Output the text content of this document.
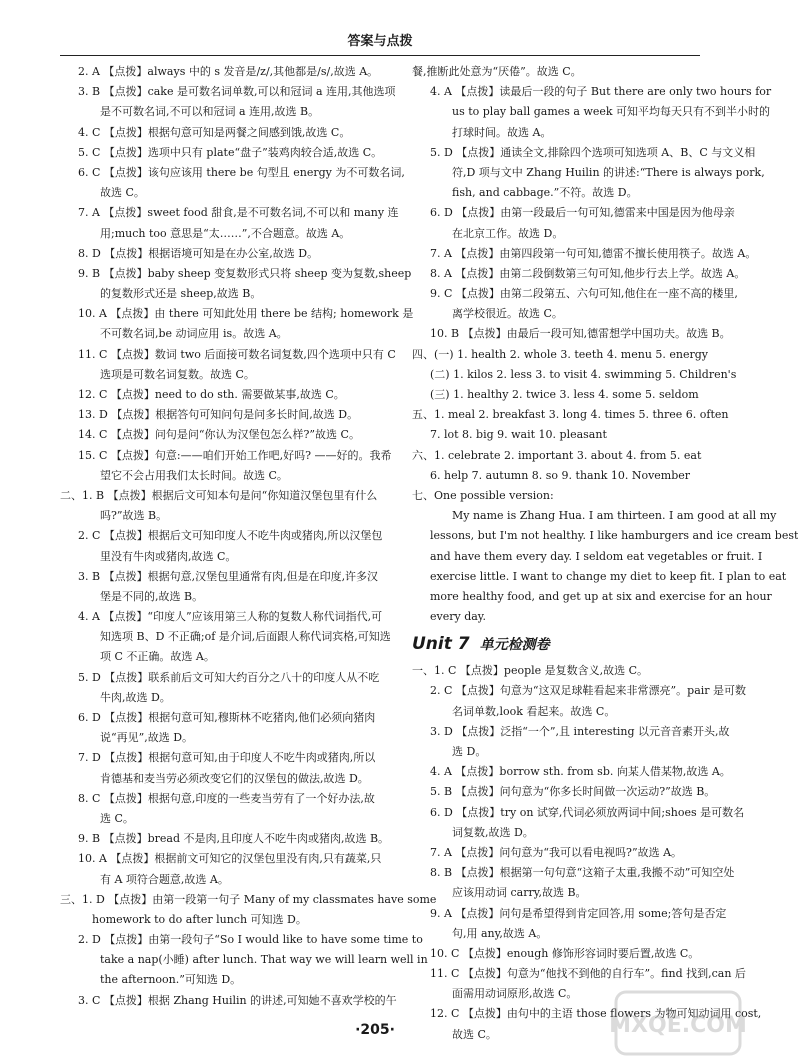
答案与点拨
2. A 【点拨】always 中的 s 发音是/z/,其他都是/s/,故选 A。
3. B 【点拨】cake 是可数名词单数,可以和冠词 a 连用,其他选项
是不可数名词,不可以和冠词 a 连用,故选 B。
4. C 【点拨】根据句意可知是两餐之间感到饿,故选 C。
5. C 【点拨】选项中只有 plate“盘子”装鸡肉较合适,故选 C。
6. C 【点拨】该句应该用 there be 句型且 energy 为不可数名词,
故选 C。
7. A 【点拨】sweet food 甜食,是不可数名词,不可以和 many 连
用;much too 意思是“太……”,不合题意。故选 A。
8. D 【点拨】根据语境可知是在办公室,故选 D。
9. B 【点拨】baby sheep 变复数形式只将 sheep 变为复数,sheep
的复数形式还是 sheep,故选 B。
10. A 【点拨】由 there 可知此处用 there be 结构; homework 是
不可数名词,be 动词应用 is。故选 A。
11. C 【点拨】数词 two 后面接可数名词复数,四个选项中只有 C
选项是可数名词复数。故选 C。
12. C 【点拨】need to do sth. 需要做某事,故选 C。
13. D 【点拨】根据答句可知问句是问多长时间,故选 D。
14. C 【点拨】问句是问“你认为汉堡包怎么样?”故选 C。
15. C 【点拨】句意:——咱们开始工作吧,好吗? ——好的。我希
望它不会占用我们太长时间。故选 C。
二、1. B 【点拨】根据后文可知本句是问“你知道汉堡包里有什么
吗?”故选 B。
2. C 【点拨】根据后文可知印度人不吃牛肉或猪肉,所以汉堡包
里没有牛肉或猪肉,故选 C。
3. B 【点拨】根据句意,汉堡包里通常有肉,但是在印度,许多汉
堡是不同的,故选 B。
4. A 【点拨】“印度人”应该用第三人称的复数人称代词指代,可
知选项 B、D 不正确;of 是介词,后面跟人称代词宾格,可知选
项 C 不正确。故选 A。
5. D 【点拨】联系前后文可知大约百分之八十的印度人从不吃
牛肉,故选 D。
6. D 【点拨】根据句意可知,穆斯林不吃猪肉,他们必须向猪肉
说“再见”,故选 D。
7. D 【点拨】根据句意可知,由于印度人不吃牛肉或猪肉,所以
肯德基和麦当劳必须改变它们的汉堡包的做法,故选 D。
8. C 【点拨】根据句意,印度的一些麦当劳有了一个好办法,故
选 C。
9. B 【点拨】bread 不是肉,且印度人不吃牛肉或猪肉,故选 B。
10. A 【点拨】根据前文可知它的汉堡包里没有肉,只有蔬菜,只
有 A 项符合题意,故选 A。
三、1. D 【点拨】由第一段第一句子 Many of my classmates have some
homework to do after lunch 可知选 D。
2. D 【点拨】由第一段句子“So I would like to have some time to
take a nap(小睡) after lunch. That way we will learn well in
the afternoon.”可知选 D。
3. C 【点拨】根据 Zhang Huilin 的讲述,可知她不喜欢学校的午
餐,推断此处意为“厌倦”。故选 C。
4. A 【点拨】读最后一段的句子 But there are only two hours for
us to play ball games a week 可知平均每天只有不到半小时的
打球时间。故选 A。
5. D 【点拨】通读全文,排除四个选项可知选项 A、B、C 与文义相
符,D 项与文中 Zhang Huilin 的讲述:“There is always pork,
fish, and cabbage.”不符。故选 D。
6. D 【点拨】由第一段最后一句可知,德雷来中国是因为他母亲
在北京工作。故选 D。
7. A 【点拨】由第四段第一句可知,德雷不擅长使用筷子。故选 A。
8. A 【点拨】由第二段倒数第三句可知,他步行去上学。故选 A。
9. C 【点拨】由第二段第五、六句可知,他住在一座不高的楼里,
离学校很近。故选 C。
10. B 【点拨】由最后一段可知,德雷想学中国功夫。故选 B。
四、(一) 1. health 2. whole 3. teeth 4. menu 5. energy
(二) 1. kilos 2. less 3. to visit 4. swimming 5. Children's
(三) 1. healthy 2. twice 3. less 4. some 5. seldom
五、1. meal 2. breakfast 3. long 4. times 5. three 6. often
7. lot 8. big 9. wait 10. pleasant
六、1. celebrate 2. important 3. about 4. from 5. eat
6. help 7. autumn 8. so 9. thank 10. November
七、One possible version:
My name is Zhang Hua. I am thirteen. I am good at all my
lessons, but I'm not healthy. I like hamburgers and ice cream best
and have them every day. I seldom eat vegetables or fruit. I
exercise little. I want to change my diet to keep fit. I plan to eat
more healthy food, and get up at six and exercise for an hour
every day.
Unit 7 单元检测卷
一、1. C 【点拨】people 是复数含义,故选 C。
2. C 【点拨】句意为“这双足球鞋看起来非常漂亮”。pair 是可数
名词单数,look 看起来。故选 C。
3. D 【点拨】泛指“一个”,且 interesting 以元音音素开头,故
选 D。
4. A 【点拨】borrow sth. from sb. 向某人借某物,故选 A。
5. B 【点拨】问句意为“你多长时间做一次运动?”故选 B。
6. D 【点拨】try on 试穿,代词必须放两词中间;shoes 是可数名
词复数,故选 D。
7. A 【点拨】问句意为“我可以看电视吗?”故选 A。
8. B 【点拨】根据第一句句意“这箱子太重,我搬不动”可知空处
应该用动词 carry,故选 B。
9. A 【点拨】问句是希望得到肯定回答,用 some;答句是否定
句,用 any,故选 A。
10. C 【点拨】enough 修饰形容词时要后置,故选 C。
11. C 【点拨】句意为“他找不到他的自行车”。find 找到,can 后
面需用动词原形,故选 C。
12. C 【点拨】由句中的主语 those flowers 为物可知动词用 cost,
故选 C。
·205·	MXQE.COM
